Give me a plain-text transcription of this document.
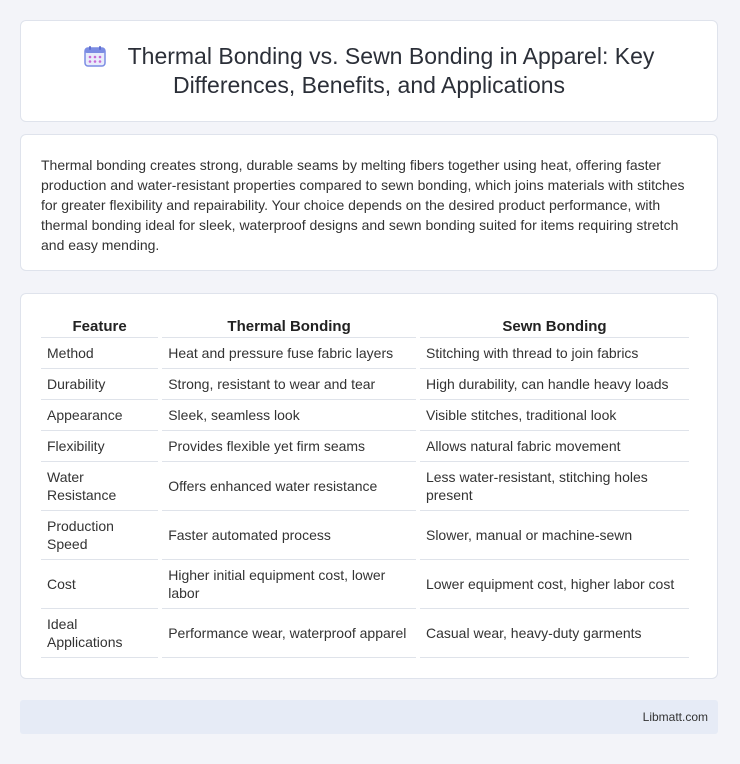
Thermal Bonding vs. Sewn Bonding in Apparel: Key Differences, Benefits, and Applications

Thermal bonding creates strong, durable seams by melting fibers together using heat, offering faster production and water-resistant properties compared to sewn bonding, which joins materials with stitches for greater flexibility and repairability. Your choice depends on the desired product performance, with thermal bonding ideal for sleek, waterproof designs and sewn bonding suited for items requiring stretch and easy mending.

Feature	Thermal Bonding	Sewn Bonding
Method	Heat and pressure fuse fabric layers	Stitching with thread to join fabrics
Durability	Strong, resistant to wear and tear	High durability, can handle heavy loads
Appearance	Sleek, seamless look	Visible stitches, traditional look
Flexibility	Provides flexible yet firm seams	Allows natural fabric movement
Water Resistance	Offers enhanced water resistance	Less water-resistant, stitching holes present
Production Speed	Faster automated process	Slower, manual or machine-sewn
Cost	Higher initial equipment cost, lower labor	Lower equipment cost, higher labor cost
Ideal Applications	Performance wear, waterproof apparel	Casual wear, heavy-duty garments
Libmatt.com
